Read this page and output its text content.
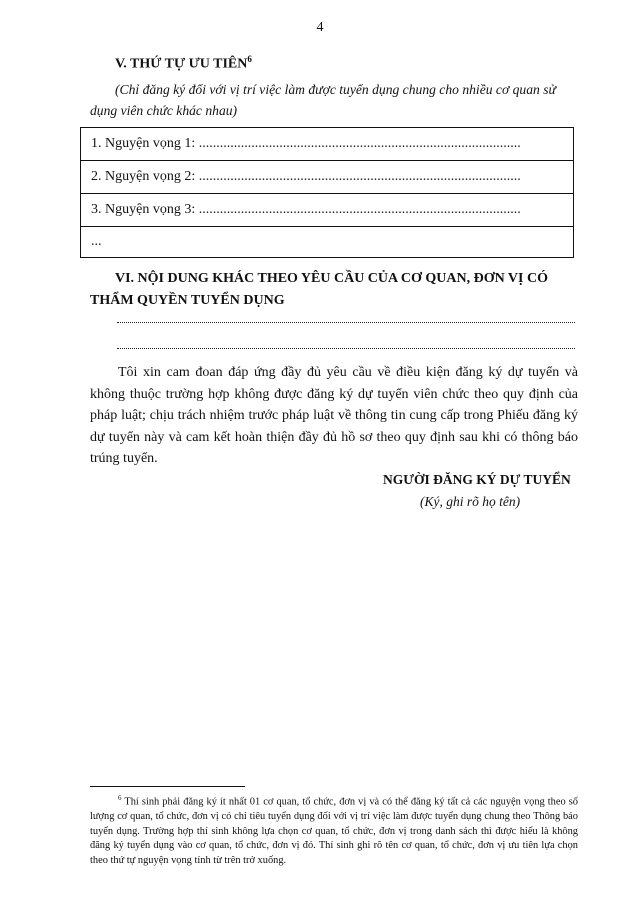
4
V. THỨ TỰ ƯU TIÊN$^6$
(Chỉ đăng ký đối với vị trí việc làm được tuyển dụng chung cho nhiều cơ quan sử dụng viên chức khác nhau)
1. Nguyện vọng 1: ............................................................................................
2. Nguyện vọng 2: ............................................................................................
3. Nguyện vọng 3: ............................................................................................
...
VI. NỘI DUNG KHÁC THEO YÊU CẦU CỦA CƠ QUAN, ĐƠN VỊ CÓ THẨM QUYỀN TUYỂN DỤNG
Tôi xin cam đoan đáp ứng đầy đủ yêu cầu về điều kiện đăng ký dự tuyển và không thuộc trường hợp không được đăng ký dự tuyển viên chức theo quy định của pháp luật; chịu trách nhiệm trước pháp luật về thông tin cung cấp trong Phiếu đăng ký dự tuyển này và cam kết hoàn thiện đầy đủ hồ sơ theo quy định sau khi có thông báo trúng tuyển.
NGƯỜI ĐĂNG KÝ DỰ TUYỂN
(Ký, ghi rõ họ tên)
$^6$ Thí sinh phải đăng ký ít nhất 01 cơ quan, tổ chức, đơn vị và có thể đăng ký tất cả các nguyện vọng theo số lượng cơ quan, tổ chức, đơn vị có chỉ tiêu tuyển dụng đối với vị trí việc làm được tuyển dụng chung theo Thông báo tuyển dụng. Trường hợp thí sinh không lựa chọn cơ quan, tổ chức, đơn vị trong danh sách thì được hiểu là không đăng ký tuyển dụng vào cơ quan, tổ chức, đơn vị đó. Thí sinh ghi rõ tên cơ quan, tổ chức, đơn vị ưu tiên lựa chọn theo thứ tự nguyện vọng tính từ trên trở xuống.
